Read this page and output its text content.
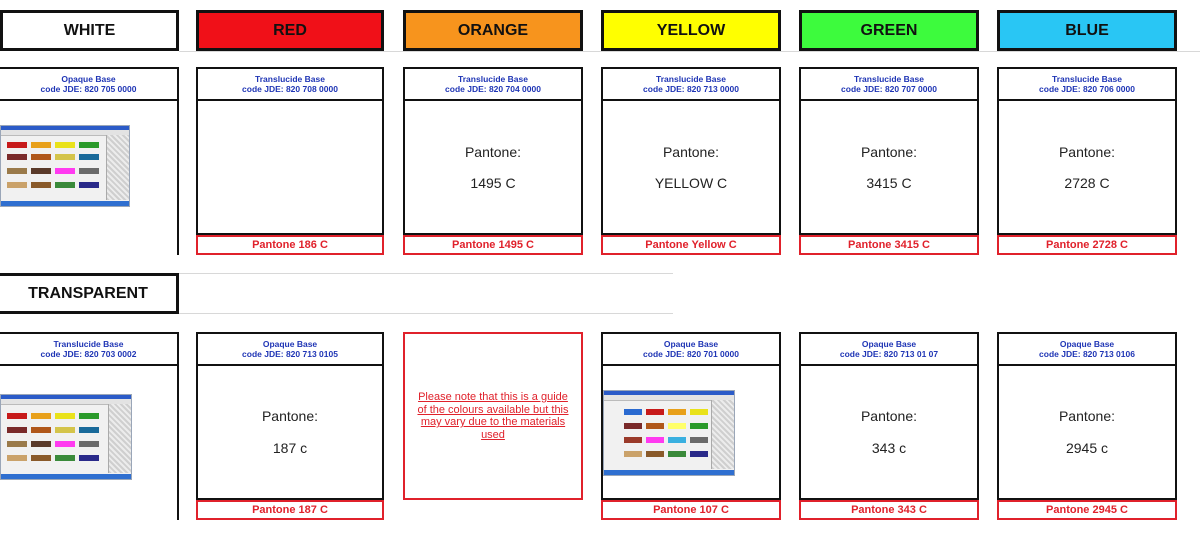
WHITE	RED	ORANGE	YELLOW	GREEN	BLUE
Opaque Base
code JDE: 820 705 0000
Translucide Base
code JDE: 820 708 0000
Pantone 186 C
Translucide Base
code JDE: 820 704 0000
Pantone:
1495 C
Pantone 1495 C
Translucide Base
code JDE: 820 713 0000
Pantone:
YELLOW C
Pantone Yellow C
Translucide Base
code JDE: 820 707 0000
Pantone:
3415 C
Pantone 3415 C
Translucide Base
code JDE: 820 706 0000
Pantone:
2728 C
Pantone 2728 C
TRANSPARENT
Translucide Base
code JDE: 820 703 0002
Opaque Base
code JDE: 820 713 0105
Pantone:
187 c
Pantone 187 C
Please note that this is a guide of the colours available but this may vary due to the materials used
Opaque Base
code JDE: 820 701 0000
Pantone 107 C
Opaque Base
code JDE: 820 713 01 07
Pantone:
343 c
Pantone 343 C
Opaque Base
code JDE: 820 713 0106
Pantone:
2945 c
Pantone 2945 C
